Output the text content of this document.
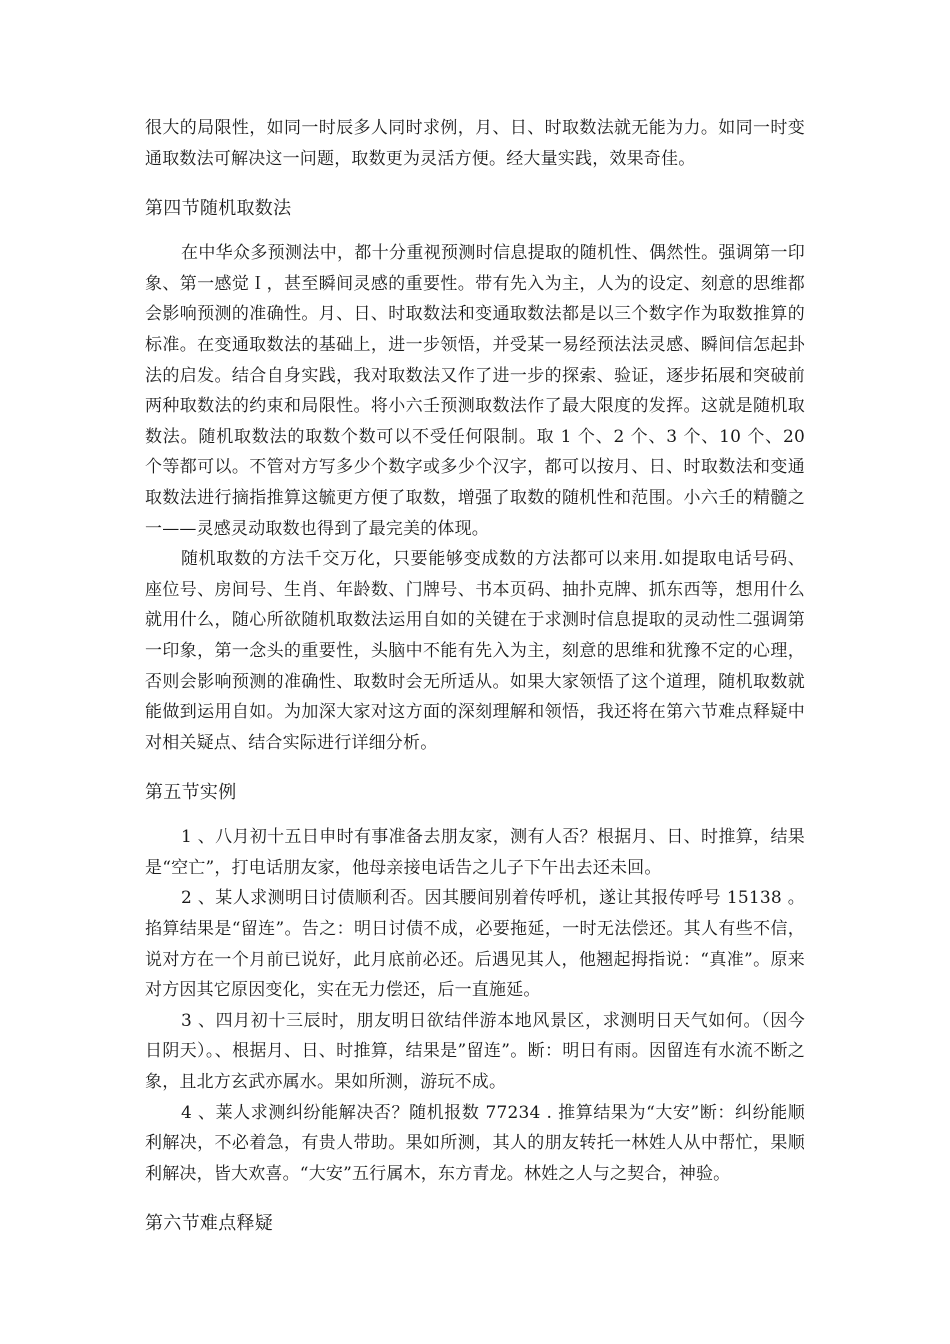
很大的局限性，如同一时辰多人同时求例，月、日、时取数法就无能为力。如同一时变通取数法可解决这一问题，取数更为灵活方便。经大量实践，效果奇佳。

第四节随机取数法

在中华众多预测法中，都十分重视预测时信息提取的随机性、偶然性。强调第一印象、第一感觉Ｉ，甚至瞬间灵感的重要性。带有先入为主，人为的设定、刻意的思维都会影响预测的准确性。月、日、时取数法和变通取数法都是以三个数字作为取数推算的标准。在变通取数法的基础上，进一步领悟，并受某一易经预法法灵感、瞬间信怎起卦法的启发。结合自身实践，我对取数法又作了进一步的探索、验证，逐步拓展和突破前两种取数法的约束和局限性。将小六壬预测取数法作了最大限度的发挥。这就是随机取数法。随机取数法的取数个数可以不受任何限制。取 1 个、2 个、3 个、10 个、20 个等都可以。不管对方写多少个数字或多少个汉字，都可以按月、日、时取数法和变通取数法进行摘指推算这毓更方便了取数，增强了取数的随机性和范围。小六壬的精髓之一——灵感灵动取数也得到了最完美的体现。

随机取数的方法千交万化，只要能够变成数的方法都可以来用.如提取电话号码、座位号、房间号、生肖、年龄数、门牌号、书本页码、抽扑克牌、抓东西等，想用什么就用什么，随心所欲随机取数法运用自如的关键在于求测时信息提取的灵动性二强调第一印象，第一念头的重要性，头脑中不能有先入为主，刻意的思维和犹豫不定的心理，否则会影响预测的准确性、取数时会无所适从。如果大家领悟了这个道理，随机取数就能做到运用自如。为加深大家对这方面的深刻理解和领悟，我还将在第六节难点释疑中对相关疑点、结合实际进行详细分析。

第五节实例

1 、八月初十五日申时有事准备去朋友家，测有人否？根据月、日、时推算，结果是“空亡”，打电话朋友家，他母亲接电话告之儿子下午出去还未回。

2 、某人求测明日讨债顺利否。因其腰间别着传呼机，遂让其报传呼号 15138 。掐算结果是“留连”。告之：明日讨债不成，必要拖延，一时无法偿还。其人有些不信，说对方在一个月前已说好，此月底前必还。后遇见其人，他翘起拇指说：“真准”。原来对方因其它原因变化，实在无力偿还，后一直施延。

3 、四月初十三辰时，朋友明日欲结伴游本地风景区，求测明日天气如何。（因今日阴天）。、根据月、日、时推算，结果是”留连”。断：明日有雨。因留连有水流不断之象，且北方玄武亦属水。果如所测，游玩不成。

4 、莱人求测纠纷能解决否？随机报数 77234 . 推算结果为“大安”断：纠纷能顺利解决，不必着急，有贵人带助。果如所测，其人的朋友转托一林姓人从中帮忙，果顺利解决，皆大欢喜。“大安”五行属木，东方青龙。林姓之人与之契合，神验。

第六节难点释疑
